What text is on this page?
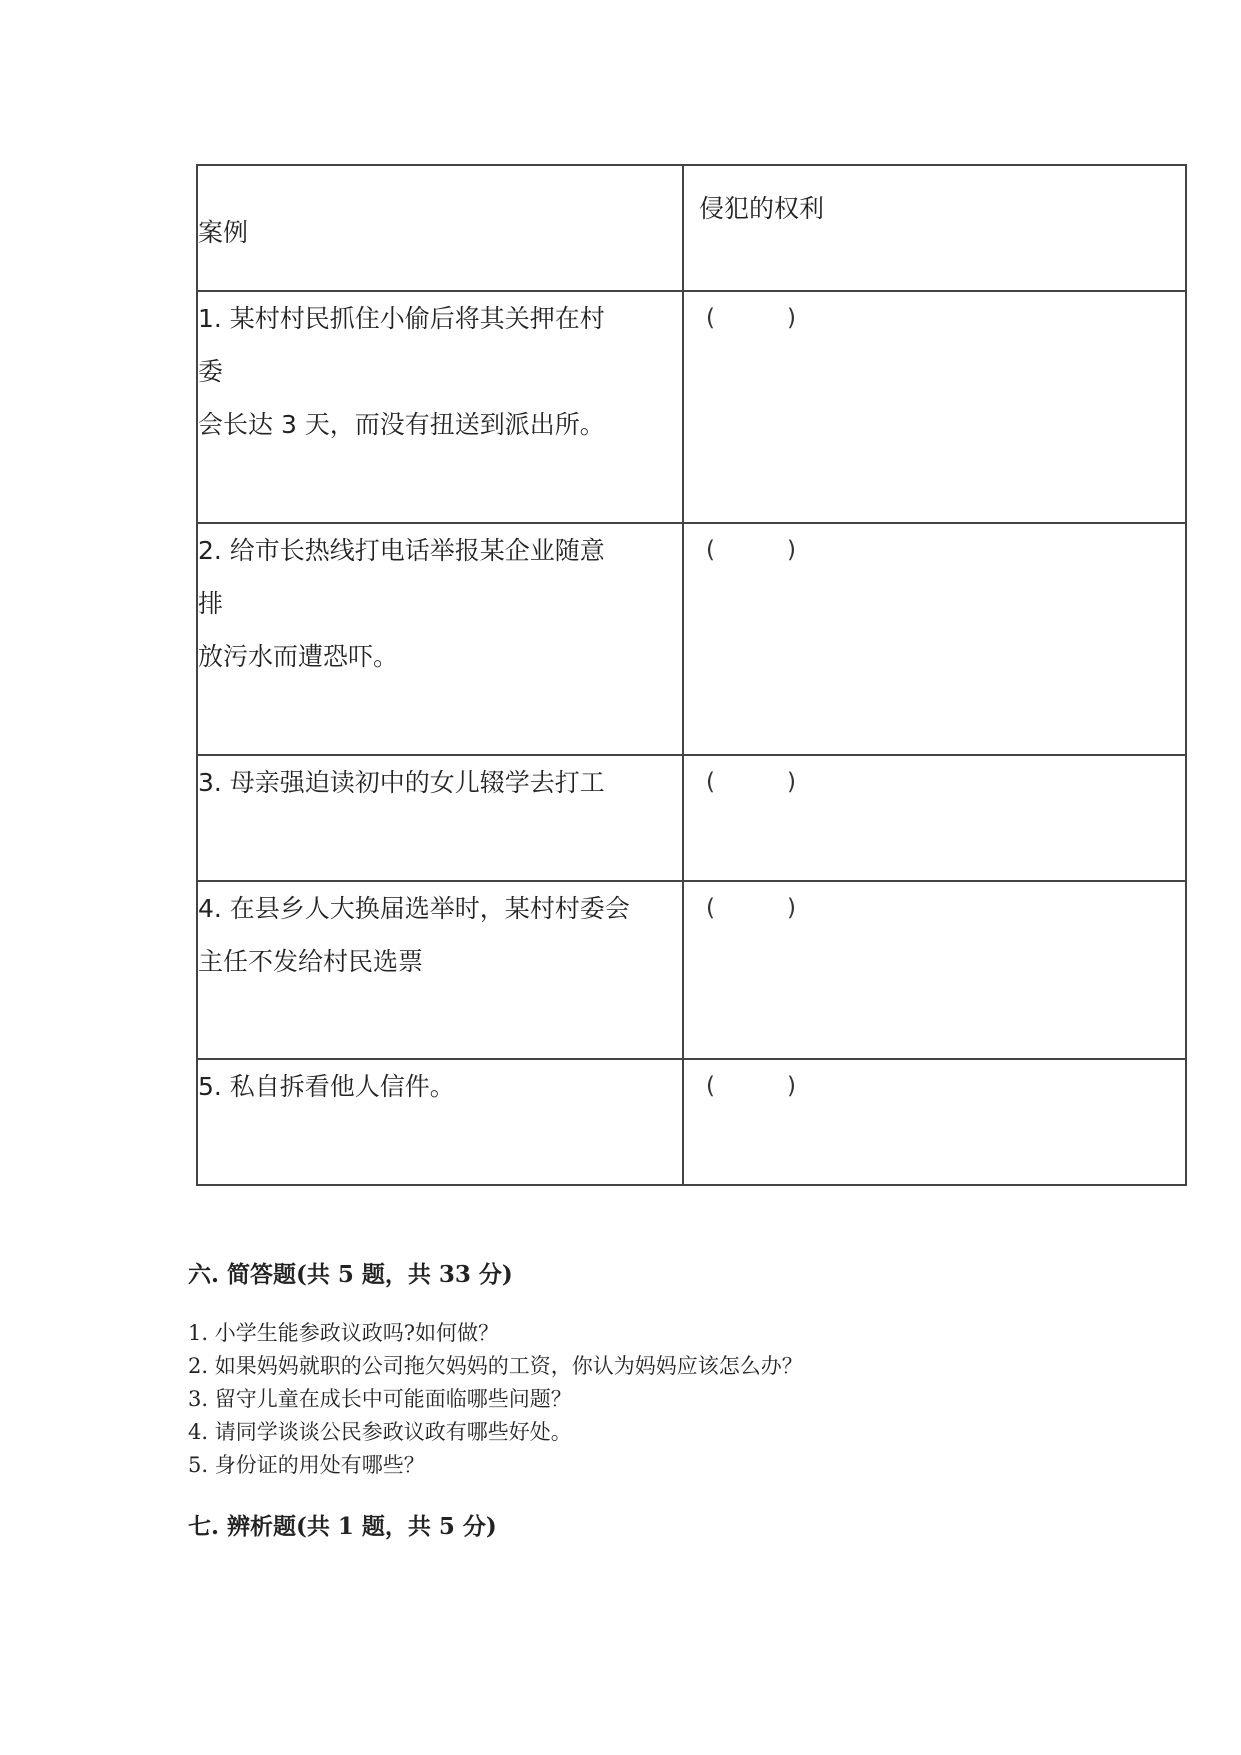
案例	侵犯的权利

1. 某村村民抓住小偷后将其关押在村
委
会长达 3 天，而没有扭送到派出所。	( )

2. 给市长热线打电话举报某企业随意
排
放污水而遭恐吓。	( )

3. 母亲强迫读初中的女儿辍学去打工	( )

4. 在县乡人大换届选举时，某村村委会
主任不发给村民选票	( )

5. 私自拆看他人信件。	( )
六. 简答题(共 5 题，共 33 分)
1. 小学生能参政议政吗?如何做？
2. 如果妈妈就职的公司拖欠妈妈的工资，你认为妈妈应该怎么办？
3. 留守儿童在成长中可能面临哪些问题？
4. 请同学谈谈公民参政议政有哪些好处。
5. 身份证的用处有哪些？
七. 辨析题(共 1 题，共 5 分)
